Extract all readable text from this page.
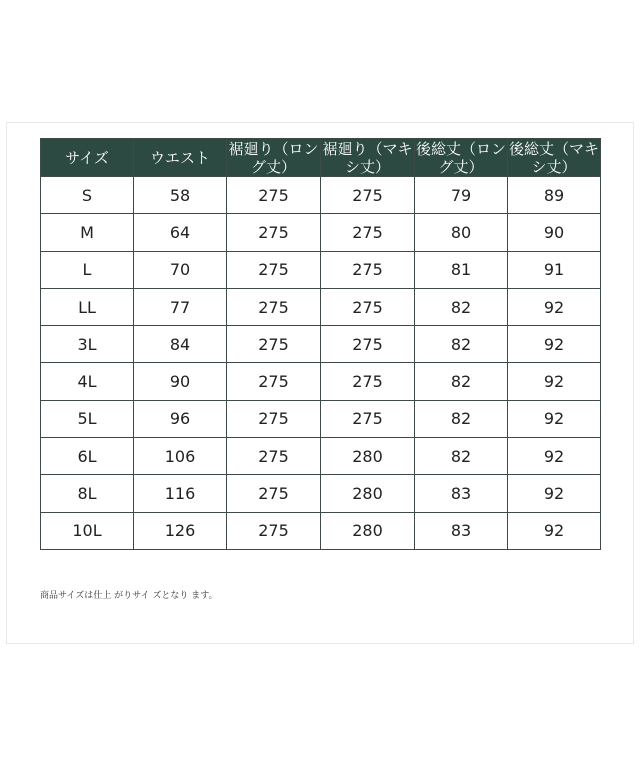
サイズ	ウエスト	裾廻り（ロング丈）	裾廻り（マキシ丈）	後総丈（ロング丈）	後総丈（マキシ丈）
S	58	275	275	79	89
M	64	275	275	80	90
L	70	275	275	81	91
LL	77	275	275	82	92
3L	84	275	275	82	92
4L	90	275	275	82	92
5L	96	275	275	82	92
6L	106	275	280	82	92
8L	116	275	280	83	92
10L	126	275	280	83	92
商品サイズは仕上 がりサイ ズとなり ます。
